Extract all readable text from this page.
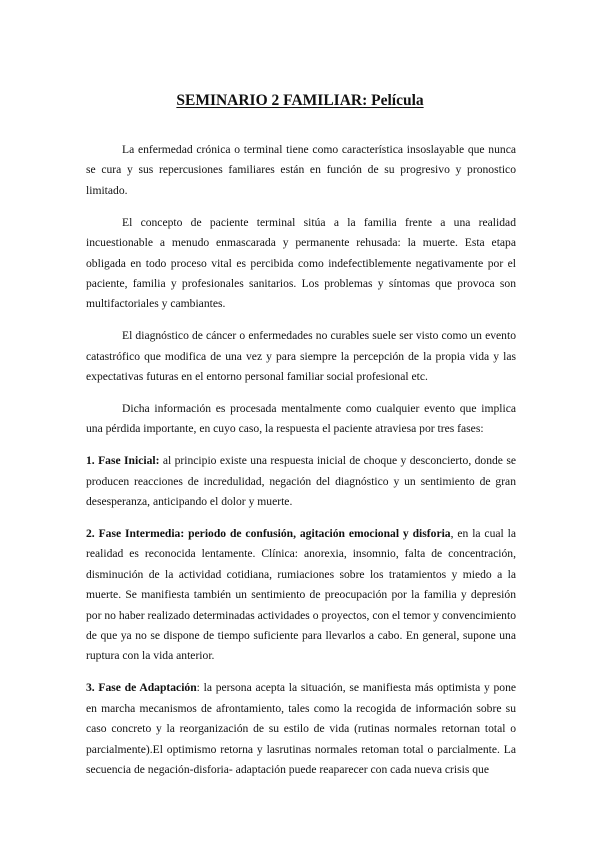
SEMINARIO 2 FAMILIAR: Película

La enfermedad crónica o terminal tiene como característica insoslayable que nunca se cura y sus repercusiones familiares están en función de su progresivo y pronostico limitado.

El concepto de paciente terminal sitúa a la familia frente a una realidad incuestionable a menudo enmascarada y permanente rehusada: la muerte. Esta etapa obligada en todo proceso vital es percibida como indefectiblemente negativamente por el paciente, familia y profesionales sanitarios. Los problemas y síntomas que provoca son multifactoriales y cambiantes.

El diagnóstico de cáncer o enfermedades no curables suele ser visto como un evento catastrófico que modifica de una vez y para siempre la percepción de la propia vida y las expectativas futuras en el entorno personal familiar social profesional etc.

Dicha información es procesada mentalmente como cualquier evento que implica una pérdida importante, en cuyo caso, la respuesta el paciente atraviesa por tres fases:

1. Fase Inicial: al principio existe una respuesta inicial de choque y desconcierto, donde se producen reacciones de incredulidad, negación del diagnóstico y un sentimiento de gran desesperanza, anticipando el dolor y muerte.

2. Fase Intermedia: periodo de confusión, agitación emocional y disforia, en la cual la realidad es reconocida lentamente. Clínica: anorexia, insomnio, falta de concentración, disminución de la actividad cotidiana, rumiaciones sobre los tratamientos y miedo a la muerte. Se manifiesta también un sentimiento de preocupación por la familia y depresión por no haber realizado determinadas actividades o proyectos, con el temor y convencimiento de que ya no se dispone de tiempo suficiente para llevarlos a cabo. En general, supone una ruptura con la vida anterior.

3. Fase de Adaptación: la persona acepta la situación, se manifiesta más optimista y pone en marcha mecanismos de afrontamiento, tales como la recogida de información sobre su caso concreto y la reorganización de su estilo de vida (rutinas normales retornan total o parcialmente).El optimismo retorna y lasrutinas normales retoman total o parcialmente. La secuencia de negación-disforia- adaptación puede reaparecer con cada nueva crisis que
